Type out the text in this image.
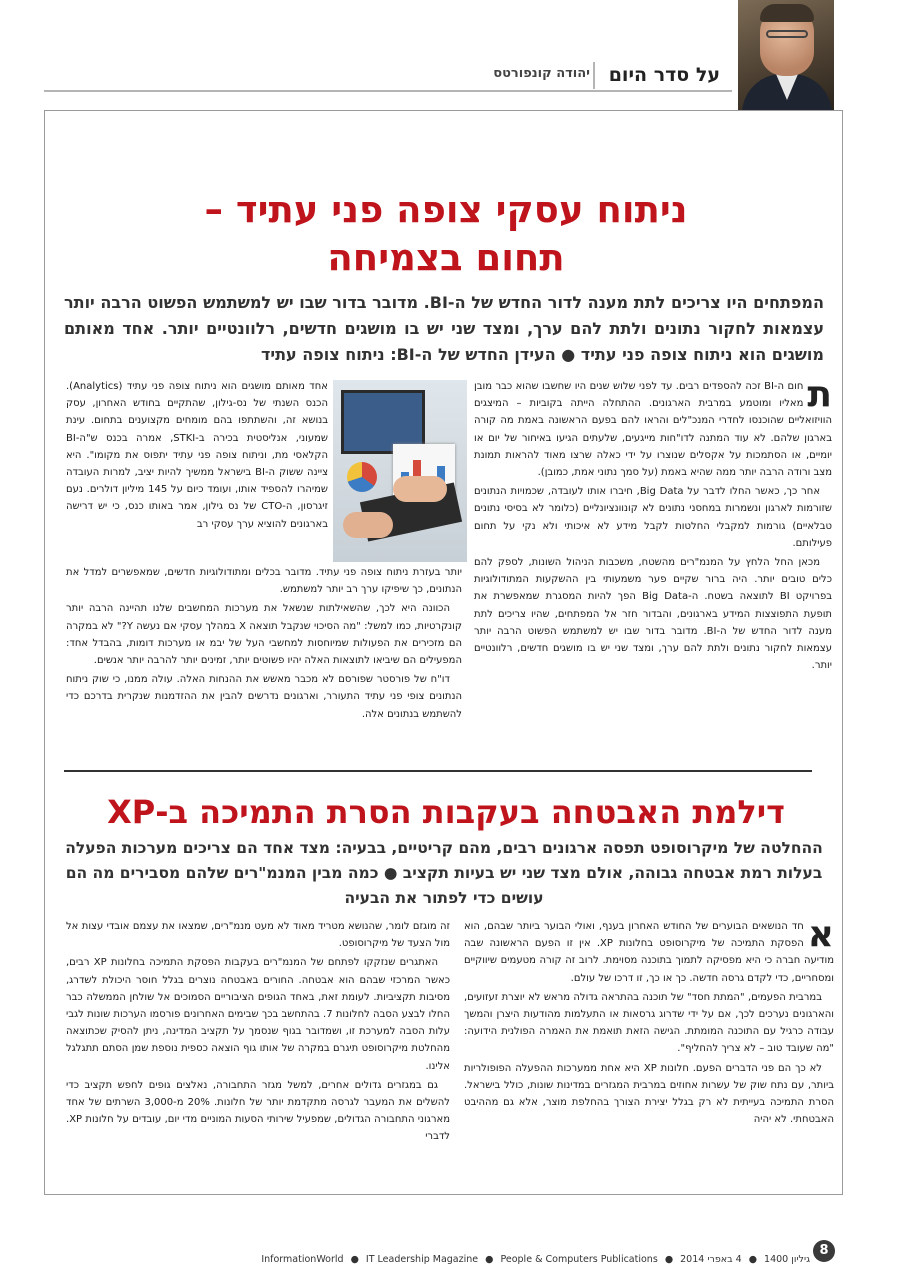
על סדר היום
יהודה קונפורטס
ניתוח עסקי צופה פני עתיד –
תחום בצמיחה
המפתחים היו צריכים לתת מענה לדור החדש של ה-BI. מדובר בדור שבו יש למשתמש הפשוט הרבה יותר עצמאות לחקור נתונים ולתת להם ערך, ומצד שני יש בו מושגים חדשים, רלוונטיים יותר. אחד מאותם מושגים הוא ניתוח צופה פני עתיד ● העידן החדש של ה-BI: ניתוח צופה עתיד

ת
חום ה-BI זכה להספדים רבים. עד לפני שלוש שנים היו שחשבו שהוא כבר מובן מאליו ומוטמע במרבית הארגונים. ההתחלה הייתה בקוביות – המיצגים הוויזואליים שהוכנסו לחדרי המנכ"לים והראו להם בפעם הראשונה באמת מה קורה בארגון שלהם. לא עוד המתנה לדו"חות מייגעים, שלעתים הגיעו באיחור של יום או יומיים, או הסתמכות על אקסלים שנוצרו על ידי כאלה שרצו מאוד להראות תמונת מצב ורודה הרבה יותר ממה שהיא באמת (על סמך נתוני אמת, כמובן).

אחר כך, כאשר החלו לדבר על Big Data, חיברו אותו לעובדה, שכמויות הנתונים שזורמות לארגון ונשמרות במחסני נתונים לא קונוונציונליים (כלומר לא בסיסי נתונים טבלאיים) גורמות למקבלי החלטות לקבל מידע לא איכותי ולא נקי על תחום פעילותם.

מכאן החל הלחץ על המנמ"רים מהשטח, משכבות הניהול השונות, לספק להם כלים טובים יותר. היה ברור שקיים פער משמעותי בין ההשקעות המתודולוגיות בפרויקט BI לתוצאה בשטח. ה-Big Data הפך להיות המסגרת שמאפשרת את תופעת התפוצצות המידע בארגונים, והבדור חזר אל המפתחים, שהיו צריכים לתת מענה לדור החדש של ה-BI. מדובר בדור שבו יש למשתמש הפשוט הרבה יותר עצמאות לחקור נתונים ולתת להם ערך, ומצד שני יש בו מושגים חדשים, רלוונטיים יותר.

אחד מאותם מושגים הוא ניתוח צופה פני עתיד (Analytics). הכנס השנתי של נס-גילון, שהתקיים בחודש האחרון, עסק בנושא זה, והשתתפו בהם מומחים מקצוענים בתחום. עינת שמעוני, אנליסטית בכירה ב-STKI, אמרה בכנס ש"ה-BI הקלאסי מת, וניתוח צופה פני עתיד יתפוס את מקומו". היא ציינה ששוק ה-BI בישראל ממשיך להיות יציב, למרות העובדה שמיהרו להספיד אותו, ועומד כיום על 145 מיליון דולרים. נעם זיגרסון, ה-CTO של נס גילון, אמר באותו כנס, כי יש דרישה בארגונים להוציא ערך עסקי רב

יותר בעזרת ניתוח צופה פני עתיד. מדובר בכלים ומתודולוגיות חדשים, שמאפשרים למדל את הנתונים, כך שיפיקו ערך רב יותר למשתמש.

הכוונה היא לכך, שהשאילתות שנשאל את מערכות המחשבים שלנו תהיינה הרבה יותר קונקרטיות, כמו למשל: "מה הסיכוי שנקבל תוצאה X במהלך עסקי אם נעשה Y?" לא במקרה הם מזכירים את הפעולות שמיוחסות למחשבי העל של יבמ או מערכות דומות, בהבדל אחד: המפעילים הם שיביאו לתוצאות האלה יהיו פשוטים יותר, זמינים יותר להרבה יותר אנשים.

דו"ח של פורסטר שפורסם לא מכבר מאשש את ההנחות האלה. עולה ממנו, כי שוק ניתוח הנתונים צופי פני עתיד התעורר, וארגונים נדרשים להבין את ההזדמנות שנקרית בדרכם כדי להשתמש בנתונים אלה.

דילמת האבטחה בעקבות הסרת התמיכה ב-XP
ההחלטה של מיקרוסופט תפסה ארגונים רבים, מהם קריטיים, בבעיה: מצד אחד הם צריכים מערכות הפעלה בעלות רמת אבטחה גבוהה, אולם מצד שני יש בעיות תקציב ● כמה מבין המנמ"רים שלהם מסבירים מה הם עושים כדי לפתור את הבעיה

א
חד הנושאים הבוערים של החודש האחרון בענף, ואולי הבוער ביותר שבהם, הוא הפסקת התמיכה של מיקרוסופט בחלונות XP. אין זו הפעם הראשונה שבה מודיעה חברה כי היא מפסיקה לתמוך בתוכנה מסוימת. לרוב זה קורה מטעמים שיווקיים ומסחריים, כדי לקדם גרסה חדשה. כך או כך, זו דרכו של עולם.

במרבית הפעמים, "המתת חסד" של תוכנה בהתראה גדולה מראש לא יוצרת זעזועים, והארגונים נערכים לכך, אם על ידי שדרוג גרסאות או התעלמות מהודעות היצרן והמשך עבודה כרגיל עם התוכנה המומתת. הגישה הזאת תואמת את האמרה הפולנית הידועה: "מה שעובד טוב – לא צריך להחליף".

לא כך הם פני הדברים הפעם. חלונות XP היא אחת ממערכות ההפעלה הפופולריות ביותר, עם נתח שוק של עשרות אחוזים במרבית המגזרים במדינות שונות, כולל בישראל. הסרת התמיכה בעייתית לא רק בגלל יצירת הצורך בהחלפת מוצר, אלא גם מההיבט האבטחתי. לא יהיה

זה מוגזם לומר, שהנושא מטריד מאוד לא מעט מנמ"רים, שמצאו את עצמם אובדי עצות אל מול הצעד של מיקרוסופט.

האתגרים שנזקקו לפתחם של המנמ"רים בעקבות הפסקת התמיכה בחלונות XP רבים, כאשר המרכזי שבהם הוא אבטחה. החורים באבטחה נוצרים בגלל חוסר היכולת לשדרג, מסיבות תקציביות. לעומת זאת, באחד הגופים הציבוריים הסמוכים אל שולחן הממשלה כבר החלו לבצע הסבה לחלונות 7. בהתחשב בכך שבימים האחרונים פורסמו הערכות שונות לגבי עלות הסבה למערכת זו, ושמדובר בגוף שנסמך על תקציב המדינה, ניתן להסיק שכתוצאה מהחלטת מיקרוסופט תיגרם במקרה של אותו גוף הוצאה כספית נוספת שמן הסתם תתגלגל אלינו.

גם במגזרים גדולים אחרים, למשל מגזר התחבורה, נאלצים גופים לחפש תקציב כדי להשלים את המעבר לגרסה מתקדמת יותר של חלונות. 20% מ-3,000 השרתים של אחד מארגוני התחבורה הגדולים, שמפעיל שירותי הסעות המוניים מדי יום, עובדים על חלונות XP. לדברי

גיליון 1400 ● 4 באפרי 2014 ● InformationWorld ● IT Leadership Magazine ● People & Computers Publications
8
